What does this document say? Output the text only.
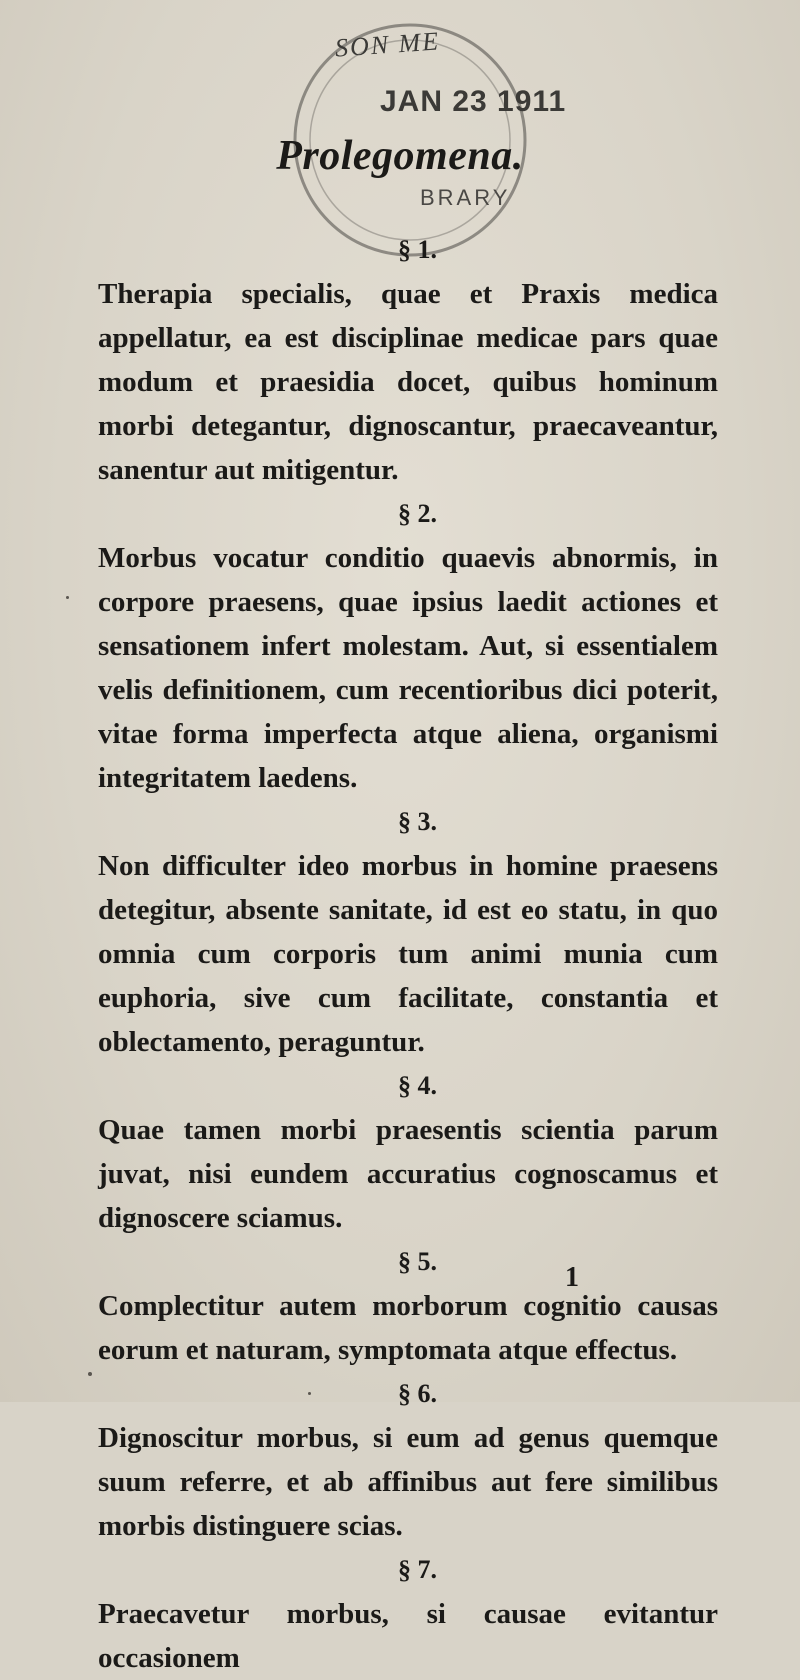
SON ME
JAN 23 1911
BRARY
Prolegomena.
§ 1.

Therapia specialis, quae et Praxis medica appellatur, ea est disciplinae medicae pars quae modum et praesidia docet, quibus hominum morbi detegantur, dignoscantur, praecaveantur, sanentur aut mitigentur.

§ 2.

Morbus vocatur conditio quaevis abnormis, in corpore praesens, quae ipsius laedit actiones et sensationem infert molestam. Aut, si essentialem velis definitionem, cum recentioribus dici poterit, vitae forma imperfecta atque aliena, organismi integritatem laedens.

§ 3.

Non difficulter ideo morbus in homine praesens detegitur, absente sanitate, id est eo statu, in quo omnia cum corporis tum animi munia cum euphoria, sive cum facilitate, constantia et oblectamento, peraguntur.

§ 4.

Quae tamen morbi praesentis scientia parum juvat, nisi eundem accuratius cognoscamus et dignoscere sciamus.

§ 5.

Complectitur autem morborum cognitio causas eorum et naturam, symptomata atque effectus.

§ 6.

Dignoscitur morbus, si eum ad genus quemque suum referre, et ab affinibus aut fere similibus morbis distinguere scias.

§ 7.

Praecavetur morbus, si causae evitantur occasionem

1
